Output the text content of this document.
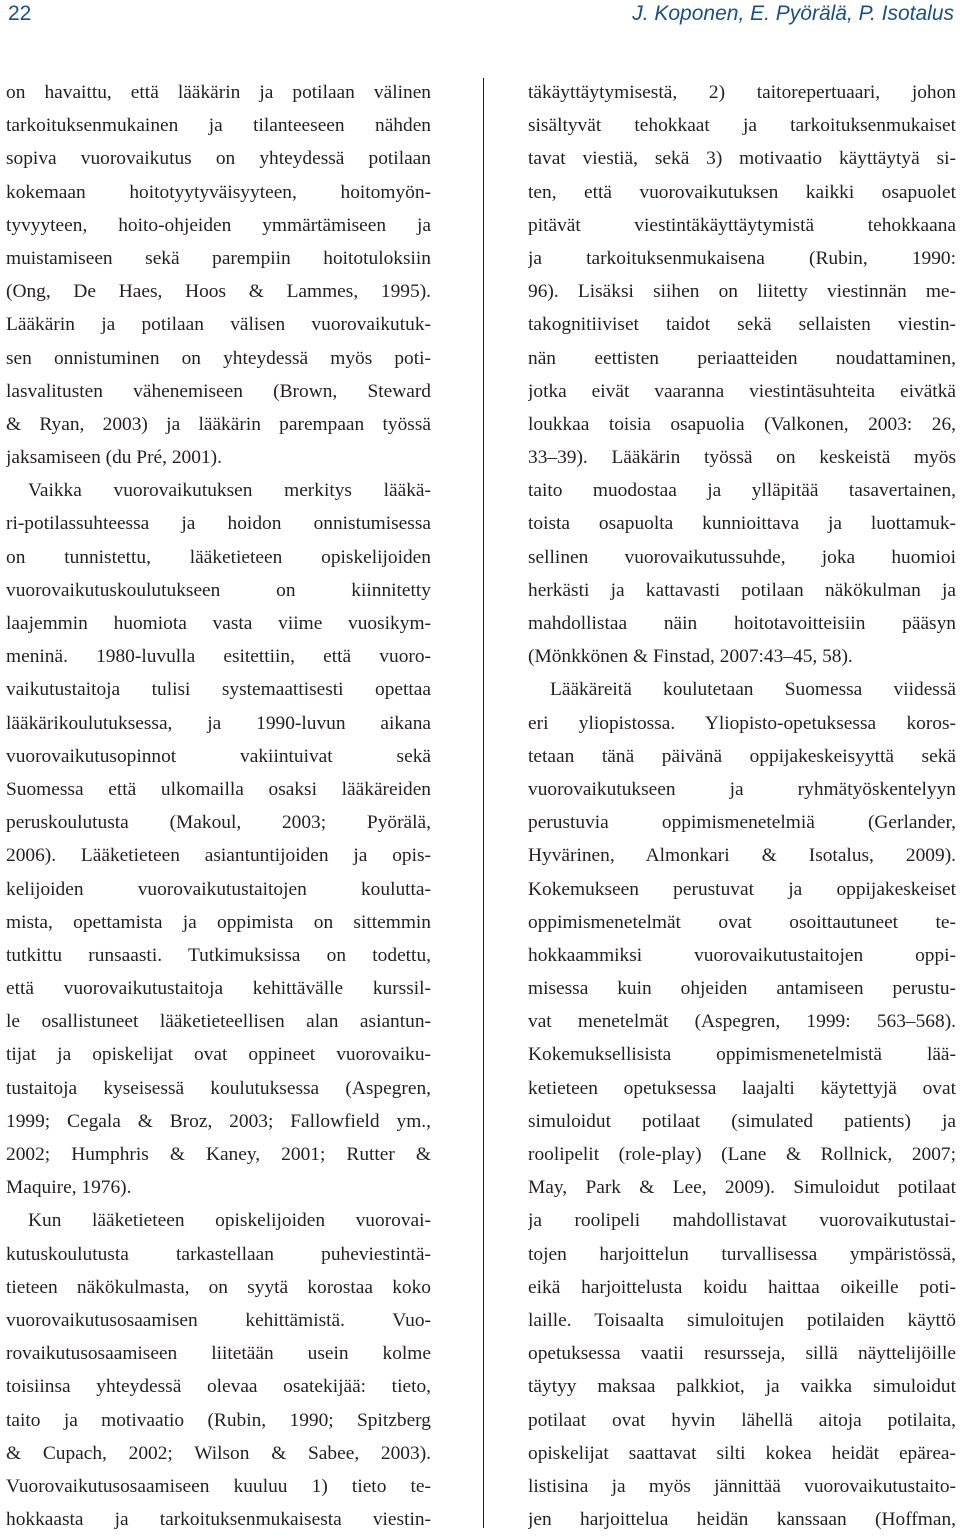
22	J. Koponen, E. Pyörälä, P. Isotalus
on havaittu, että lääkärin ja potilaan välinen
tarkoituksenmukainen ja tilanteeseen nähden
sopiva vuorovaikutus on yhteydessä potilaan
kokemaan hoitotyytyväisyyteen, hoitomyön-
tyvyyteen, hoito-ohjeiden ymmärtämiseen ja
muistamiseen sekä parempiin hoitotuloksiin
(Ong, De Haes, Hoos & Lammes, 1995).
Lääkärin ja potilaan välisen vuorovaikutuk-
sen onnistuminen on yhteydessä myös poti-
lasvalitusten vähenemiseen (Brown, Steward
& Ryan, 2003) ja lääkärin parempaan työssä
jaksamiseen (du Pré, 2001).
Vaikka vuorovaikutuksen merkitys lääkä-
ri-potilassuhteessa ja hoidon onnistumisessa
on tunnistettu, lääketieteen opiskelijoiden
vuorovaikutuskoulutukseen on kiinnitetty
laajemmin huomiota vasta viime vuosikym-
meninä. 1980-luvulla esitettiin, että vuoro-
vaikutustaitoja tulisi systemaattisesti opettaa
lääkärikoulutuksessa, ja 1990-luvun aikana
vuorovaikutusopinnot vakiintuivat sekä
Suomessa että ulkomailla osaksi lääkäreiden
peruskoulutusta (Makoul, 2003; Pyörälä,
2006). Lääketieteen asiantuntijoiden ja opis-
kelijoiden vuorovaikutustaitojen koulutta-
mista, opettamista ja oppimista on sittemmin
tutkittu runsaasti. Tutkimuksissa on todettu,
että vuorovaikutustaitoja kehittävälle kurssil-
le osallistuneet lääketieteellisen alan asiantun-
tijat ja opiskelijat ovat oppineet vuorovaiku-
tustaitoja kyseisessä koulutuksessa (Aspegren,
1999; Cegala & Broz, 2003; Fallowfield ym.,
2002; Humphris & Kaney, 2001; Rutter &
Maquire, 1976).
Kun lääketieteen opiskelijoiden vuorovai-
kutuskoulutusta tarkastellaan puheviestintä-
tieteen näkökulmasta, on syytä korostaa koko
vuorovaikutusosaamisen kehittämistä. Vuo-
rovaikutusosaamiseen liitetään usein kolme
toisiinsa yhteydessä olevaa osatekijää: tieto,
taito ja motivaatio (Rubin, 1990; Spitzberg
& Cupach, 2002; Wilson & Sabee, 2003).
Vuorovaikutusosaamiseen kuuluu 1) tieto te-
hokkaasta ja tarkoituksenmukaisesta viestin-
täkäyttäytymisestä, 2) taitorepertuaari, johon
sisältyvät tehokkaat ja tarkoituksenmukaiset
tavat viestiä, sekä 3) motivaatio käyttäytyä si-
ten, että vuorovaikutuksen kaikki osapuolet
pitävät viestintäkäyttäytymistä tehokkaana
ja tarkoituksenmukaisena (Rubin, 1990:
96). Lisäksi siihen on liitetty viestinnän me-
takognitiiviset taidot sekä sellaisten viestin-
nän eettisten periaatteiden noudattaminen,
jotka eivät vaaranna viestintäsuhteita eivätkä
loukkaa toisia osapuolia (Valkonen, 2003: 26,
33–39). Lääkärin työssä on keskeistä myös
taito muodostaa ja ylläpitää tasavertainen,
toista osapuolta kunnioittava ja luottamuk-
sellinen vuorovaikutussuhde, joka huomioi
herkästi ja kattavasti potilaan näkökulman ja
mahdollistaa näin hoitotavoitteisiin pääsyn
(Mönkkönen & Finstad, 2007:43–45, 58).
Lääkäreitä koulutetaan Suomessa viidessä
eri yliopistossa. Yliopisto-opetuksessa koros-
tetaan tänä päivänä oppijakeskeisyyttä sekä
vuorovaikutukseen ja ryhmätyöskentelyyn
perustuvia oppimismenetelmiä (Gerlander,
Hyvärinen, Almonkari & Isotalus, 2009).
Kokemukseen perustuvat ja oppijakeskeiset
oppimismenetelmät ovat osoittautuneet te-
hokkaammiksi vuorovaikutustaitojen oppi-
misessa kuin ohjeiden antamiseen perustu-
vat menetelmät (Aspegren, 1999: 563–568).
Kokemuksellisista oppimismenetelmistä lää-
ketieteen opetuksessa laajalti käytettyjä ovat
simuloidut potilaat (simulated patients) ja
roolipelit (role-play) (Lane & Rollnick, 2007;
May, Park & Lee, 2009). Simuloidut potilaat
ja roolipeli mahdollistavat vuorovaikutustai-
tojen harjoittelun turvallisessa ympäristössä,
eikä harjoittelusta koidu haittaa oikeille poti-
laille. Toisaalta simuloitujen potilaiden käyttö
opetuksessa vaatii resursseja, sillä näyttelijöille
täytyy maksaa palkkiot, ja vaikka simuloidut
potilaat ovat hyvin lähellä aitoja potilaita,
opiskelijat saattavat silti kokea heidät epärea-
listisina ja myös jännittää vuorovaikutustaito-
jen harjoittelua heidän kanssaan (Hoffman,
